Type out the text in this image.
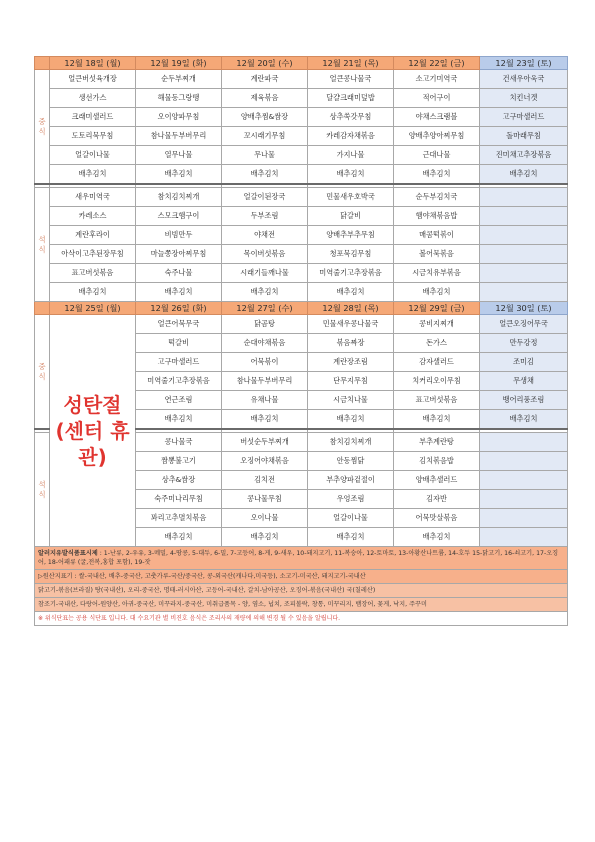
	12월 18일 (월)	12월 19일 (화)	12월 20일 (수)	12월 21일 (목)	12월 22일 (금)	12월 23일 (토)

중
식	얼큰버섯육개장	순두부찌개	계란파국	얼큰콩나물국	소고기미역국	건새우아욱국
	생선가스	해물동그랑땡	제육볶음	달걀크래미덮밥	적어구이	치킨너겟
	크래미샐러드	오이양파무침	양배추찜&쌈장	상추쑥갓무침	야채스크램블	고구마샐러드
	도토리묵무침	참나물두부버무리	꼬시래기무침	카레감자채볶음	양배추양아찌무침	돌마래무침
	얼갈이나물	열무나물	무나물	가지나물	근대나물	진미채고추장볶음
	배추김치	배추김치	배추김치	배추김치	배추김치	배추김치

석
식	새우미역국	참치김치찌개	얼갈이된장국	민물새우호박국	순두부김치국	
	카레소스	스모크햄구이	두부조림	닭갈비	햄야채볶음밥	
	계란후라이	비빔만두	야채전	양배추부추무침	매콤떡볶이	
	아삭이고추된장무침	마늘쫑장아찌무침	목이버섯볶음	청포묵김무침	볼어묵볶음	
	표고버섯볶음	숙주나물	시래기들깨나물	미역줄기고추장볶음	시금치유부볶음	
	배추김치	배추김치	배추김치	배추김치	배추김치	
	12월 25일 (월)	12월 26일 (화)	12월 27일 (수)	12월 28일 (목)	12월 29일 (금)	12월 30일 (토)

중
식	성탄절 (센터 휴관)	얼큰어묵무국	닭곰탕	민물새우콩나물국	콩비지찌개	얼큰오징어무국
		떡갈비	순대야채볶음	볶음짜장	돈가스	만두강정
		고구마샐러드	어묵볶이	계란장조림	감자샐러드	조미김
		미역줄기고추장볶음	참나물두부버무리	단무지무침	치커리오이무침	무생채
		연근조림	유채나물	시금치나물	표고버섯볶음	뱅어리풍조림
		배추김치	배추김치	배추김치	배추김치	배추김치

석
식		콩나물국	버섯순두부찌개	참치김치찌개	부추계란탕	
		짬뽕불고기	오징어야채볶음	안동찜닭	김치볶음밥	
		상추&쌈장	김치전	부추양파겉절이	양배추샐러드	
		숙주미나리무침	콩나물무침	우엉조림	김자반	
		꽈리고추멸치볶음	오이나물	얼갈이나물	어묵맛살볶음	
		배추김치	배추김치	배추김치	배추김치	
알러지유발식품표시제 : 1-난류, 2-우유, 3-메밀, 4-땅콩, 5-대두, 6-밀, 7-고등어, 8-게, 9-새우, 10-돼지고기, 11-복숭아, 12-토마토, 13-아황산나트륨, 14-호두 15-닭고기, 16-쇠고기, 17-오징어, 18-어패류 (굴,전복,홍합 포함), 19-잣						
▷원산지표기 : 쌀-국내산, 배추-중국산, 고춧가루-국산/중국산, 콩-외국산(캐나다,미국등), 소고기-미국산, 돼지고기-국내산						
닭고기-볶음(브라질) 탕(국내산), 오리-중국산, 명태-러시아산, 고등어-국내산, 갈치-남아공산, 오징어-볶음(국내산) 국(칠레산)						
참조기-국내산, 다랑어-원양산, 아귀-중국산, 미꾸라지-중국산, 미취급품목 - 양, 염소, 넙치, 조피볼락, 창통, 미꾸리지, 뱀장어, 꽃게, 낙지, 주꾸미						
※ 위식단표는 공용 식단표 입니다. 대 수요기관 별 비진호 음식은 조리사의 재량에 의해 변경 될 수 있음을 알립니다.						
